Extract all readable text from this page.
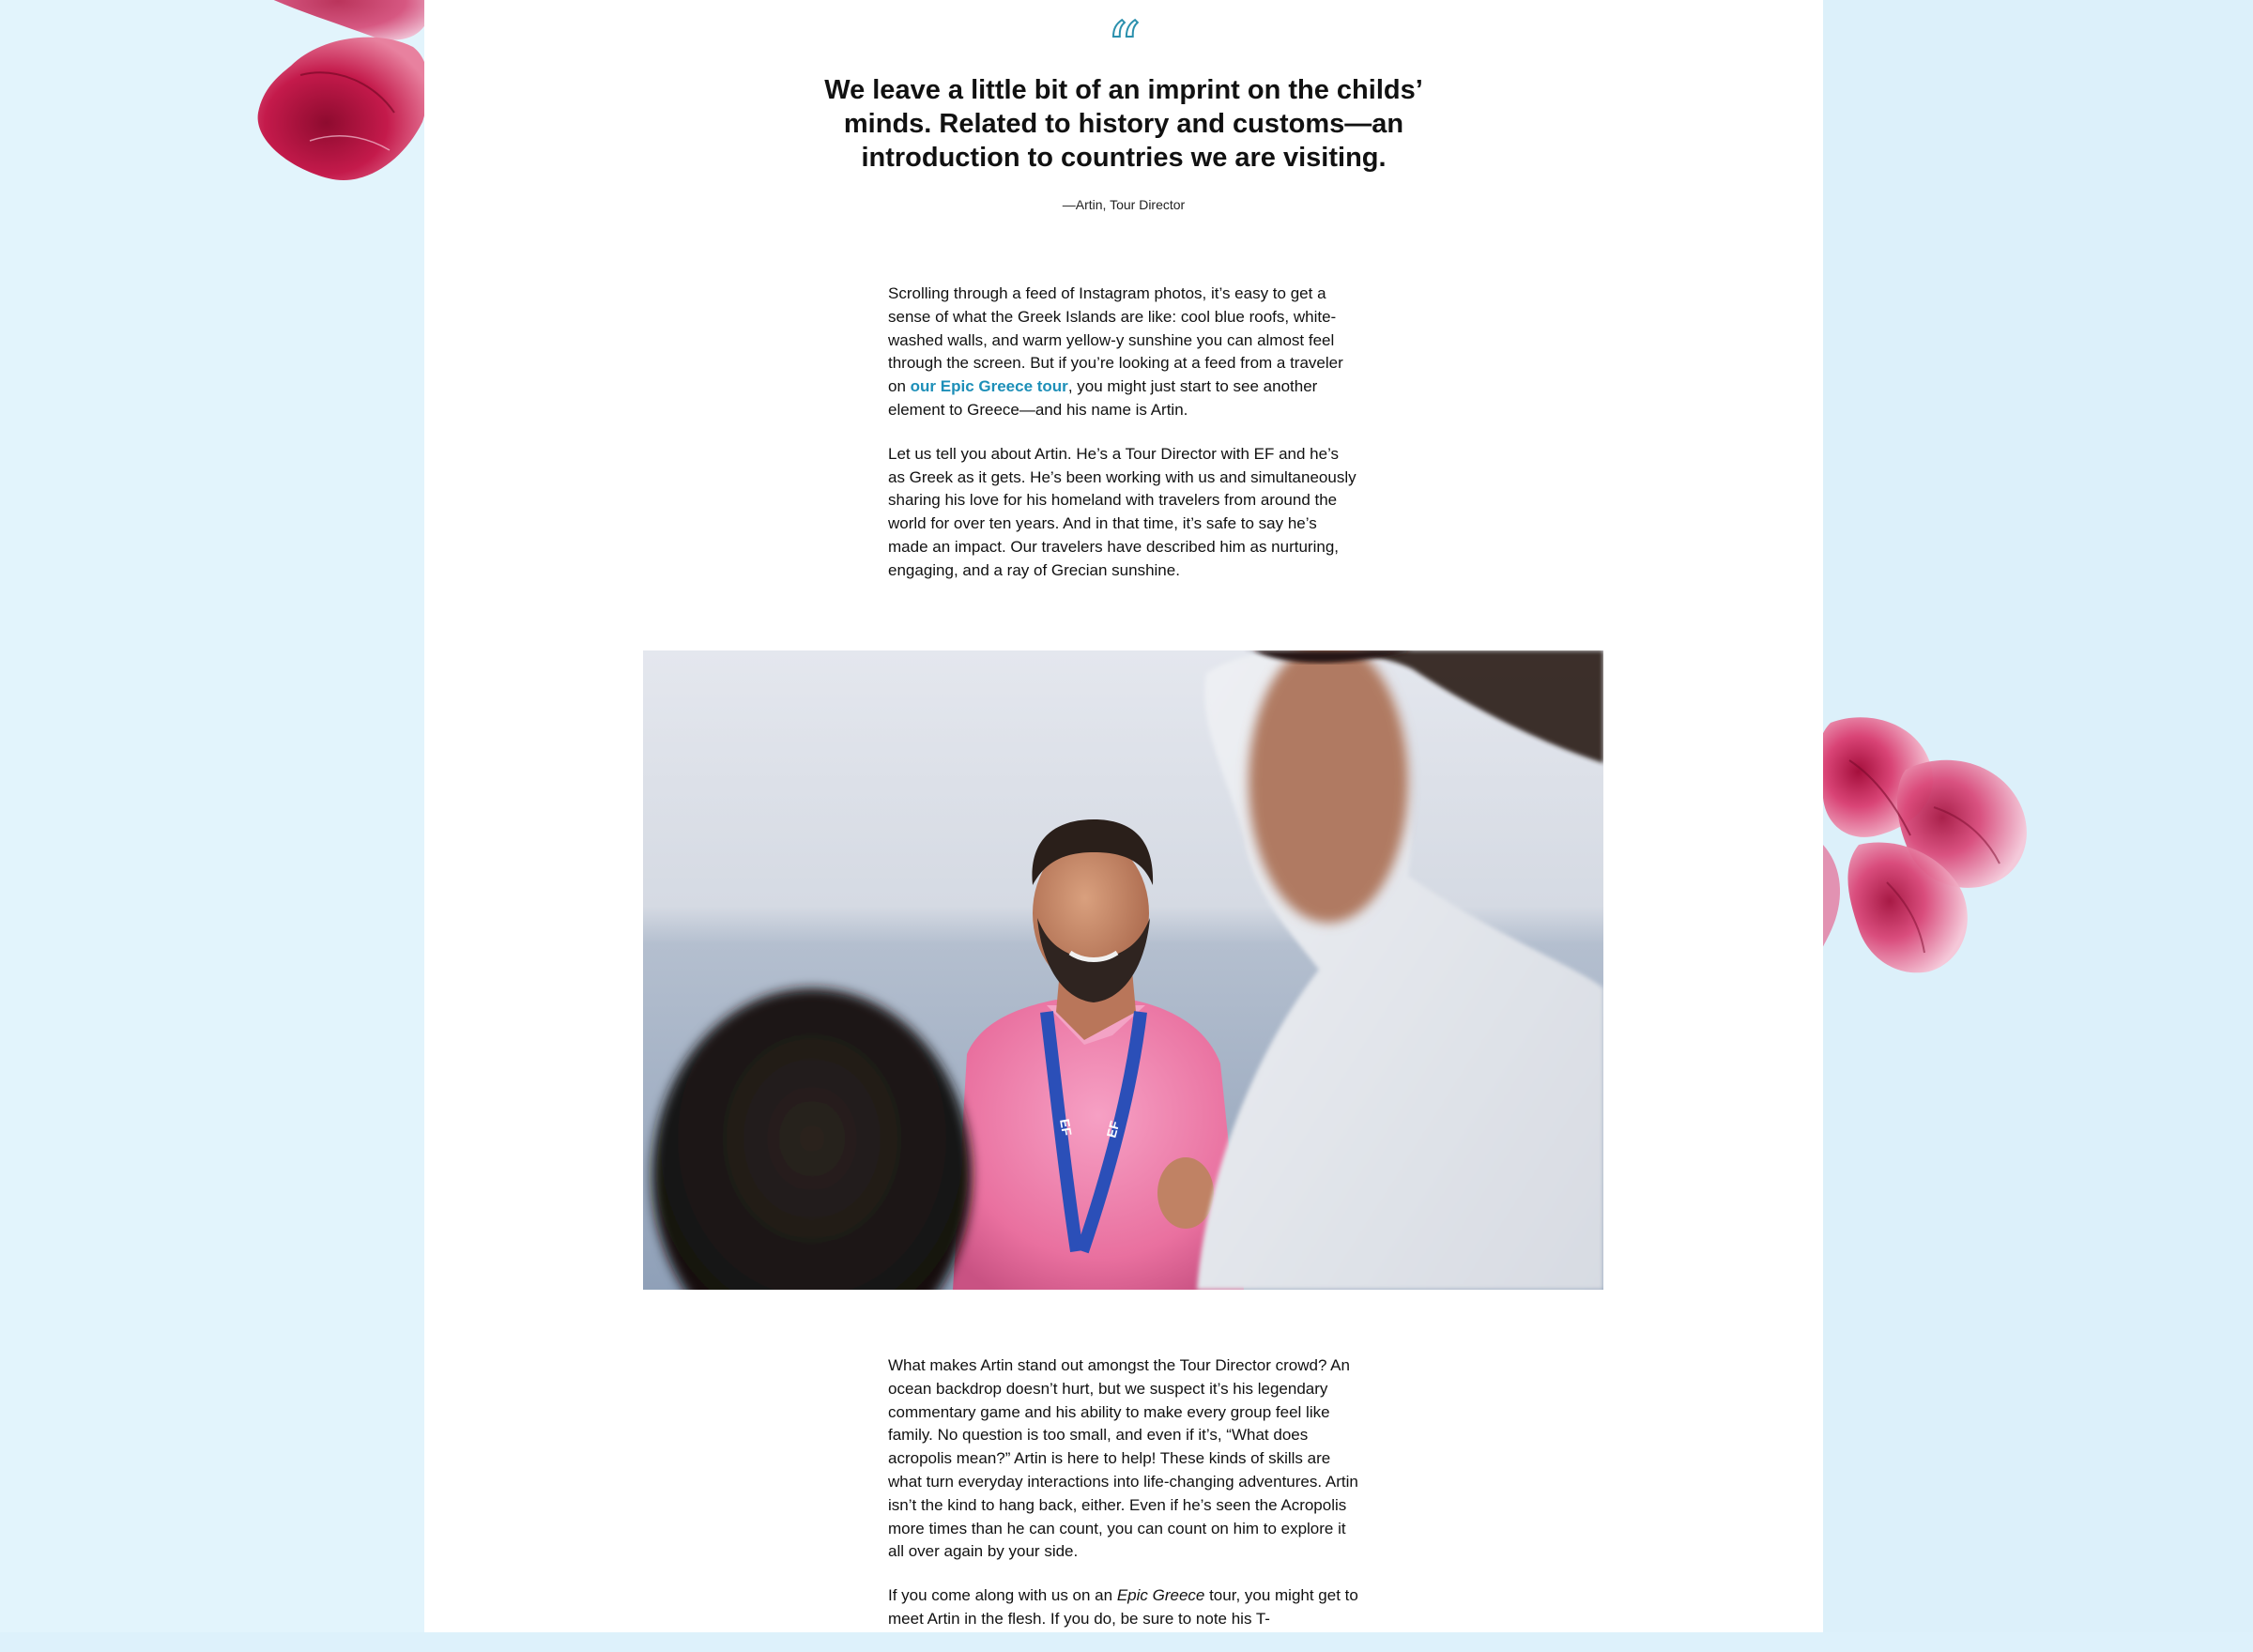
“

We leave a little bit of an imprint on the childs’ minds. Related to history and customs—an introduction to countries we are visiting.

—Artin, Tour Director

Scrolling through a feed of Instagram photos, it’s easy to get a sense of what the Greek Islands are like: cool blue roofs, white-washed walls, and warm yellow-y sunshine you can almost feel through the screen. But if you’re looking at a feed from a traveler on our Epic Greece tour, you might just start to see another element to Greece—and his name is Artin.

Let us tell you about Artin. He’s a Tour Director with EF and he’s as Greek as it gets. He’s been working with us and simultaneously sharing his love for his homeland with travelers from around the world for over ten years. And in that time, it’s safe to say he’s made an impact. Our travelers have described him as nurturing, engaging, and a ray of Grecian sunshine.

EF EF

What makes Artin stand out amongst the Tour Director crowd? An ocean backdrop doesn’t hurt, but we suspect it’s his legendary commentary game and his ability to make every group feel like family. No question is too small, and even if it’s, “What does acropolis mean?” Artin is here to help! These kinds of skills are what turn everyday interactions into life-changing adventures. Artin isn’t the kind to hang back, either. Even if he’s seen the Acropolis more times than he can count, you can count on him to explore it all over again by your side.

If you come along with us on an Epic Greece tour, you might get to meet Artin in the flesh. If you do, be sure to note his T-
